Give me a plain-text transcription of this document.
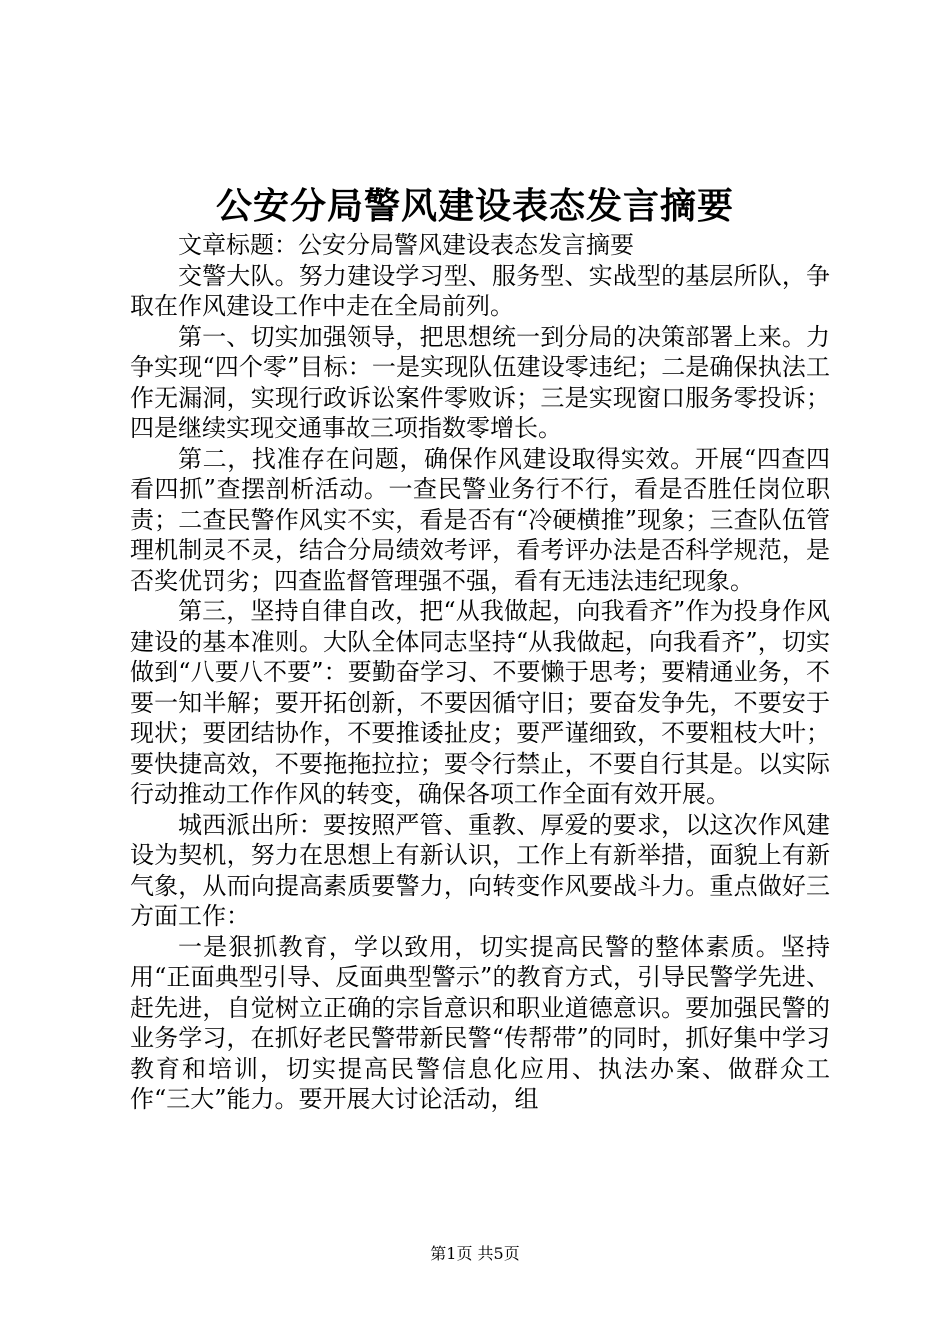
公安分局警风建设表态发言摘要

文章标题：公安分局警风建设表态发言摘要

交警大队。努力建设学习型、服务型、实战型的基层所队，争取在作风建设工作中走在全局前列。

第一、切实加强领导，把思想统一到分局的决策部署上来。力争实现“四个零”目标：一是实现队伍建设零违纪；二是确保执法工作无漏洞，实现行政诉讼案件零败诉；三是实现窗口服务零投诉；四是继续实现交通事故三项指数零增长。

第二，找准存在问题，确保作风建设取得实效。开展“四查四看四抓”查摆剖析活动。一查民警业务行不行，看是否胜任岗位职责；二查民警作风实不实，看是否有“冷硬横推”现象；三查队伍管理机制灵不灵，结合分局绩效考评，看考评办法是否科学规范，是否奖优罚劣；四查监督管理强不强，看有无违法违纪现象。

第三，坚持自律自改，把“从我做起，向我看齐”作为投身作风建设的基本准则。大队全体同志坚持“从我做起，向我看齐”，切实做到“八要八不要”：要勤奋学习、不要懒于思考；要精通业务，不要一知半解；要开拓创新，不要因循守旧；要奋发争先，不要安于现状；要团结协作，不要推诿扯皮；要严谨细致，不要粗枝大叶；要快捷高效，不要拖拖拉拉；要令行禁止，不要自行其是。以实际行动推动工作作风的转变，确保各项工作全面有效开展。

城西派出所：要按照严管、重教、厚爱的要求，以这次作风建设为契机，努力在思想上有新认识，工作上有新举措，面貌上有新气象，从而向提高素质要警力，向转变作风要战斗力。重点做好三方面工作：

一是狠抓教育，学以致用，切实提高民警的整体素质。坚持用“正面典型引导、反面典型警示”的教育方式，引导民警学先进、赶先进，自觉树立正确的宗旨意识和职业道德意识。要加强民警的业务学习，在抓好老民警带新民警“传帮带”的同时，抓好集中学习教育和培训，切实提高民警信息化应用、执法办案、做群众工作“三大”能力。要开展大讨论活动，组

第1页 共5页
